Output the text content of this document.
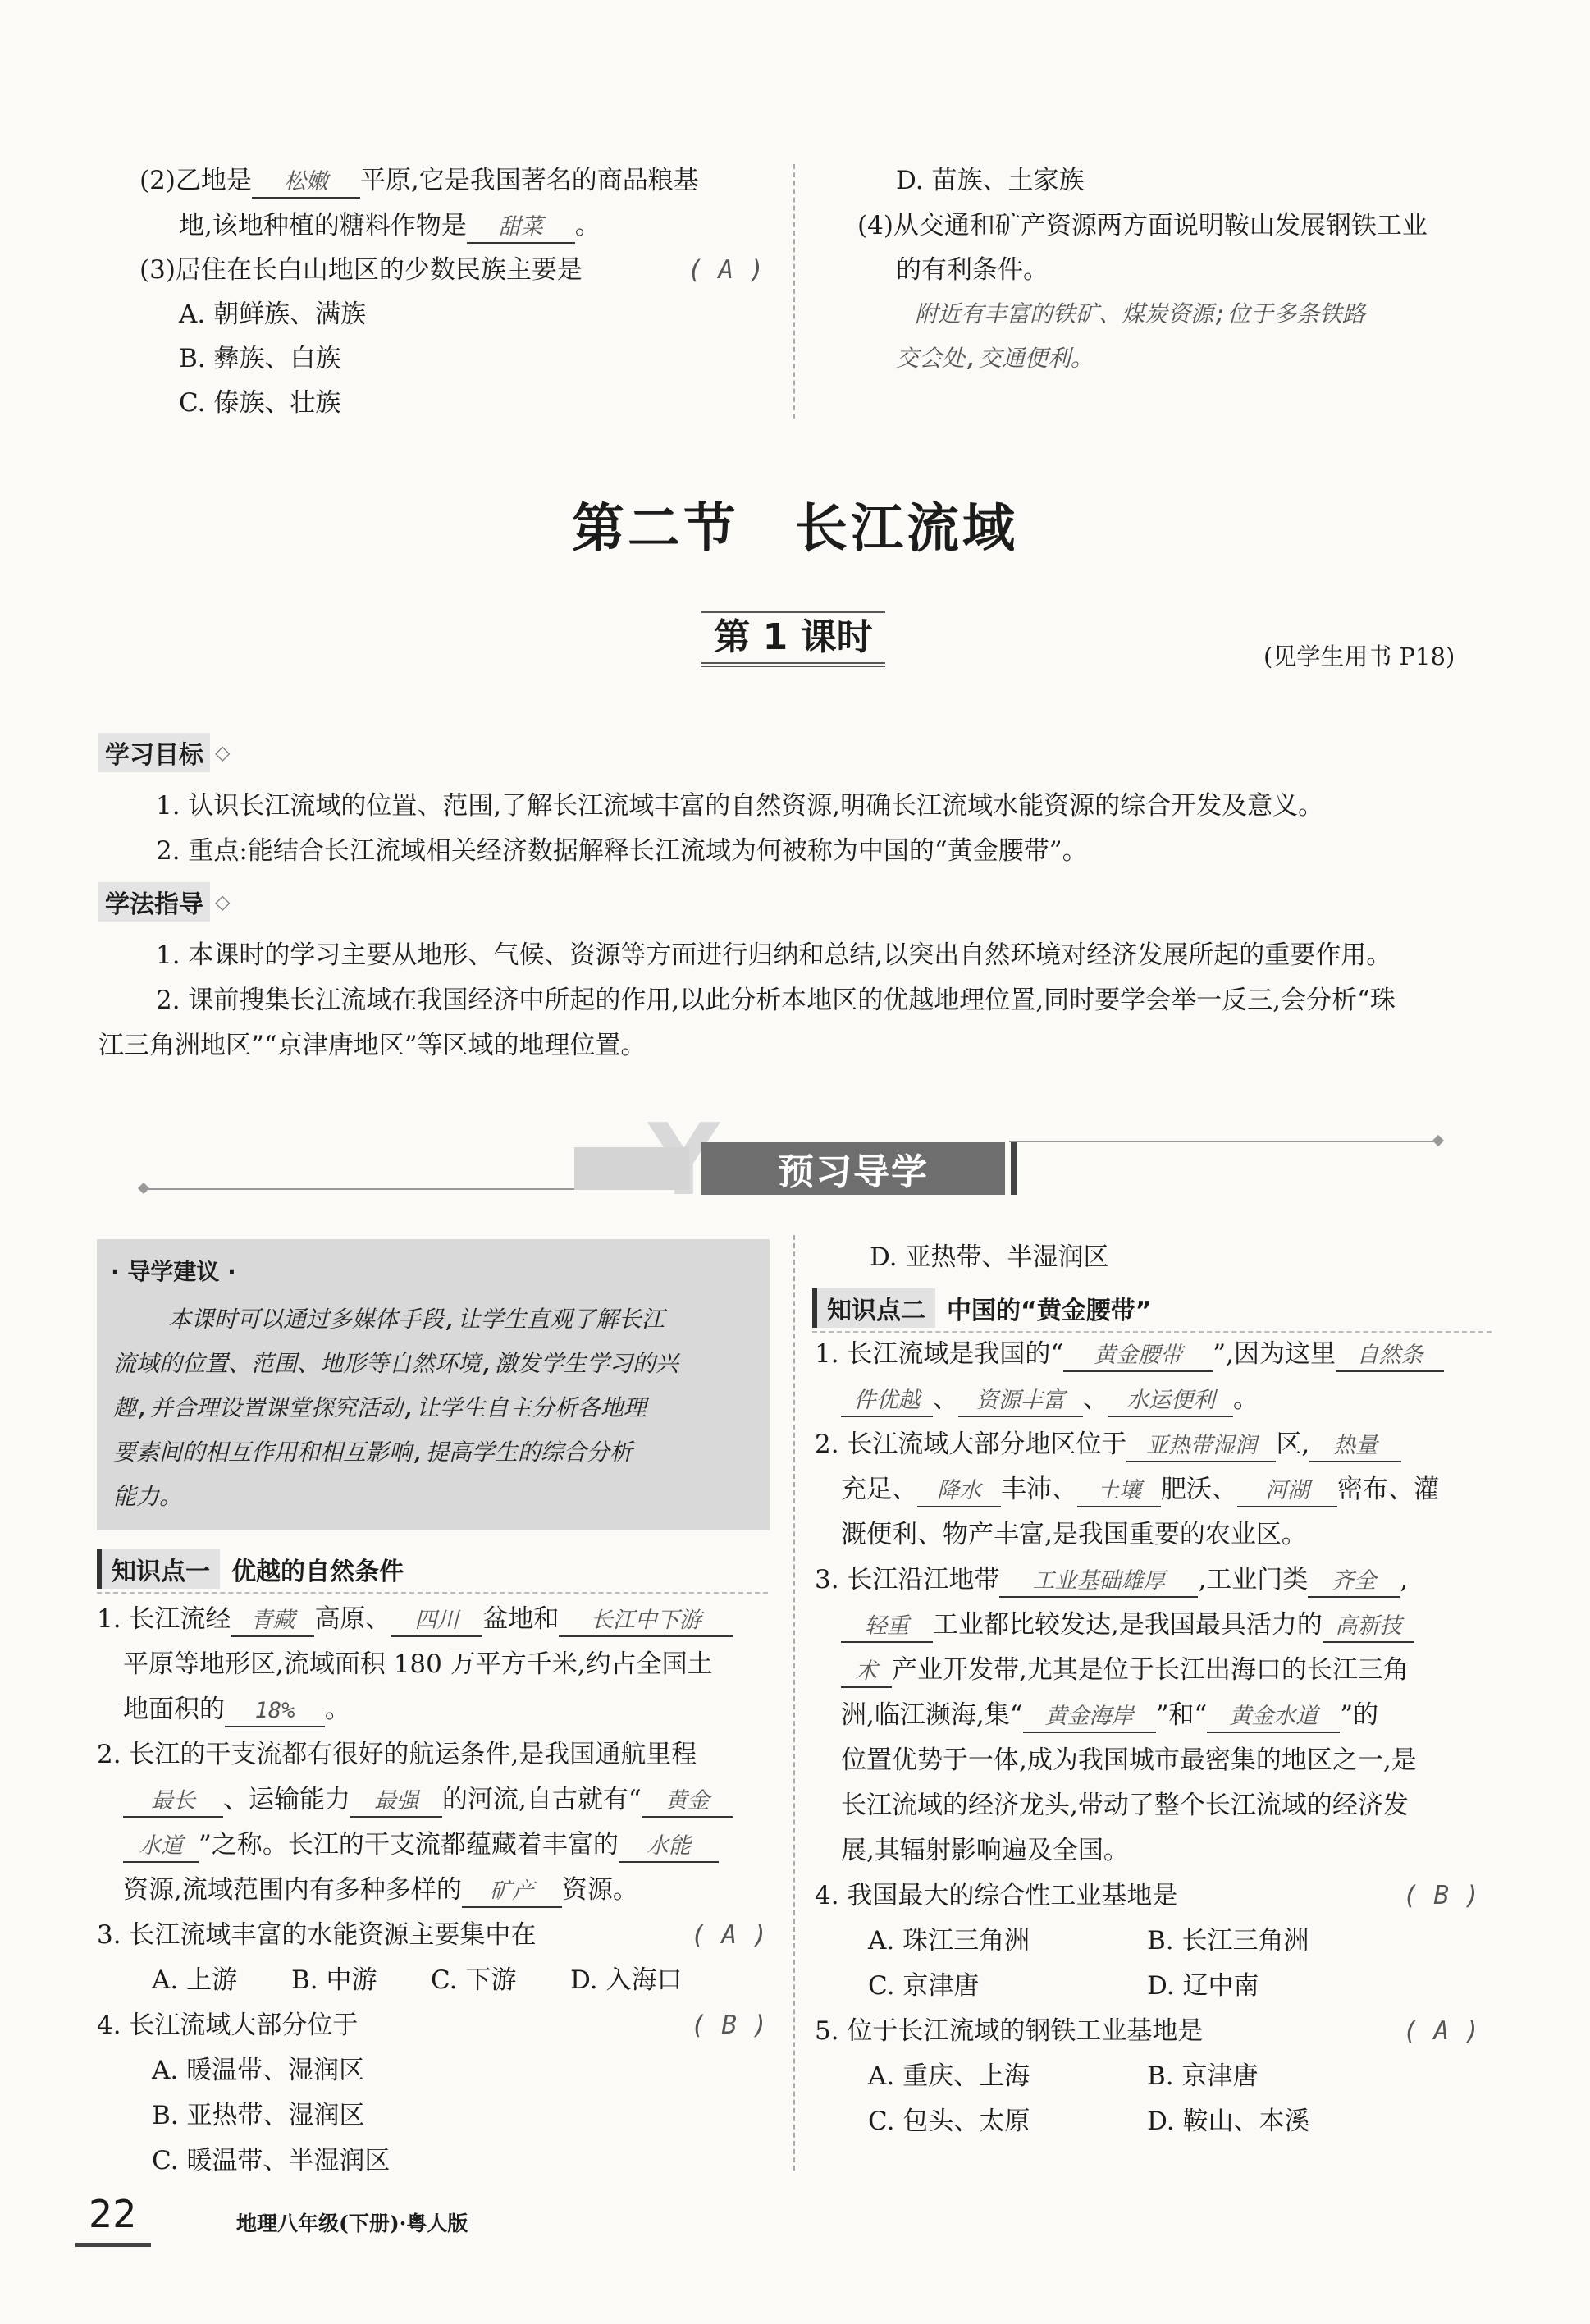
(2)乙地是 松嫩 平原,它是我国著名的商品粮基
地,该地种植的糖料作物是 甜菜 。
(3)居住在长白山地区的少数民族主要是	( A )
A. 朝鲜族、满族
B. 彝族、白族
C. 傣族、壮族
D. 苗族、土家族
(4)从交通和矿产资源两方面说明鞍山发展钢铁工业
的有利条件。
附近有丰富的铁矿、煤炭资源;位于多条铁路
交会处,交通便利。
第二节　长江流域
第 1 课时	(见学生用书 P18)
学习目标 ◇
1. 认识长江流域的位置、范围,了解长江流域丰富的自然资源,明确长江流域水能资源的综合开发及意义。
2. 重点:能结合长江流域相关经济数据解释长江流域为何被称为中国的“黄金腰带”。
学法指导 ◇
1. 本课时的学习主要从地形、气候、资源等方面进行归纳和总结,以突出自然环境对经济发展所起的重要作用。
2. 课前搜集长江流域在我国经济中所起的作用,以此分析本地区的优越地理位置,同时要学会举一反三,会分析“珠
江三角洲地区”“京津唐地区”等区域的地理位置。
预习导学
· 导学建议 ·
本课时可以通过多媒体手段,让学生直观了解长江
流域的位置、范围、地形等自然环境,激发学生学习的兴
趣,并合理设置课堂探究活动,让学生自主分析各地理
要素间的相互作用和相互影响,提高学生的综合分析
能力。
知识点一 优越的自然条件
1. 长江流经 青藏 高原、 四川 盆地和 长江中下游
平原等地形区,流域面积 180 万平方千米,约占全国土
地面积的 18% 。
2. 长江的干支流都有很好的航运条件,是我国通航里程
最长 、运输能力 最强 的河流,自古就有“ 黄金
水道 ”之称。长江的干支流都蕴藏着丰富的 水能
资源,流域范围内有多种多样的 矿产 资源。
3. 长江流域丰富的水能资源主要集中在	( A )
A. 上游 B. 中游 C. 下游 D. 入海口
4. 长江流域大部分位于	( B )
A. 暖温带、湿润区
B. 亚热带、湿润区
C. 暖温带、半湿润区
D. 亚热带、半湿润区
知识点二 中国的“黄金腰带”
1. 长江流域是我国的“ 黄金腰带 ”,因为这里 自然条
件优越 、 资源丰富 、 水运便利 。
2. 长江流域大部分地区位于 亚热带湿润 区, 热量
充足、 降水 丰沛、 土壤 肥沃、 河湖 密布、灌
溉便利、物产丰富,是我国重要的农业区。
3. 长江沿江地带 工业基础雄厚 ,工业门类 齐全 ,
轻重 工业都比较发达,是我国最具活力的 高新技
术 产业开发带,尤其是位于长江出海口的长江三角
洲,临江濒海,集“ 黄金海岸 ”和“ 黄金水道 ”的
位置优势于一体,成为我国城市最密集的地区之一,是
长江流域的经济龙头,带动了整个长江流域的经济发
展,其辐射影响遍及全国。
4. 我国最大的综合性工业基地是	( B )
A. 珠江三角洲	B. 长江三角洲
C. 京津唐	D. 辽中南
5. 位于长江流域的钢铁工业基地是	( A )
A. 重庆、上海	B. 京津唐
C. 包头、太原	D. 鞍山、本溪
22	地理八年级(下册)·粤人版
